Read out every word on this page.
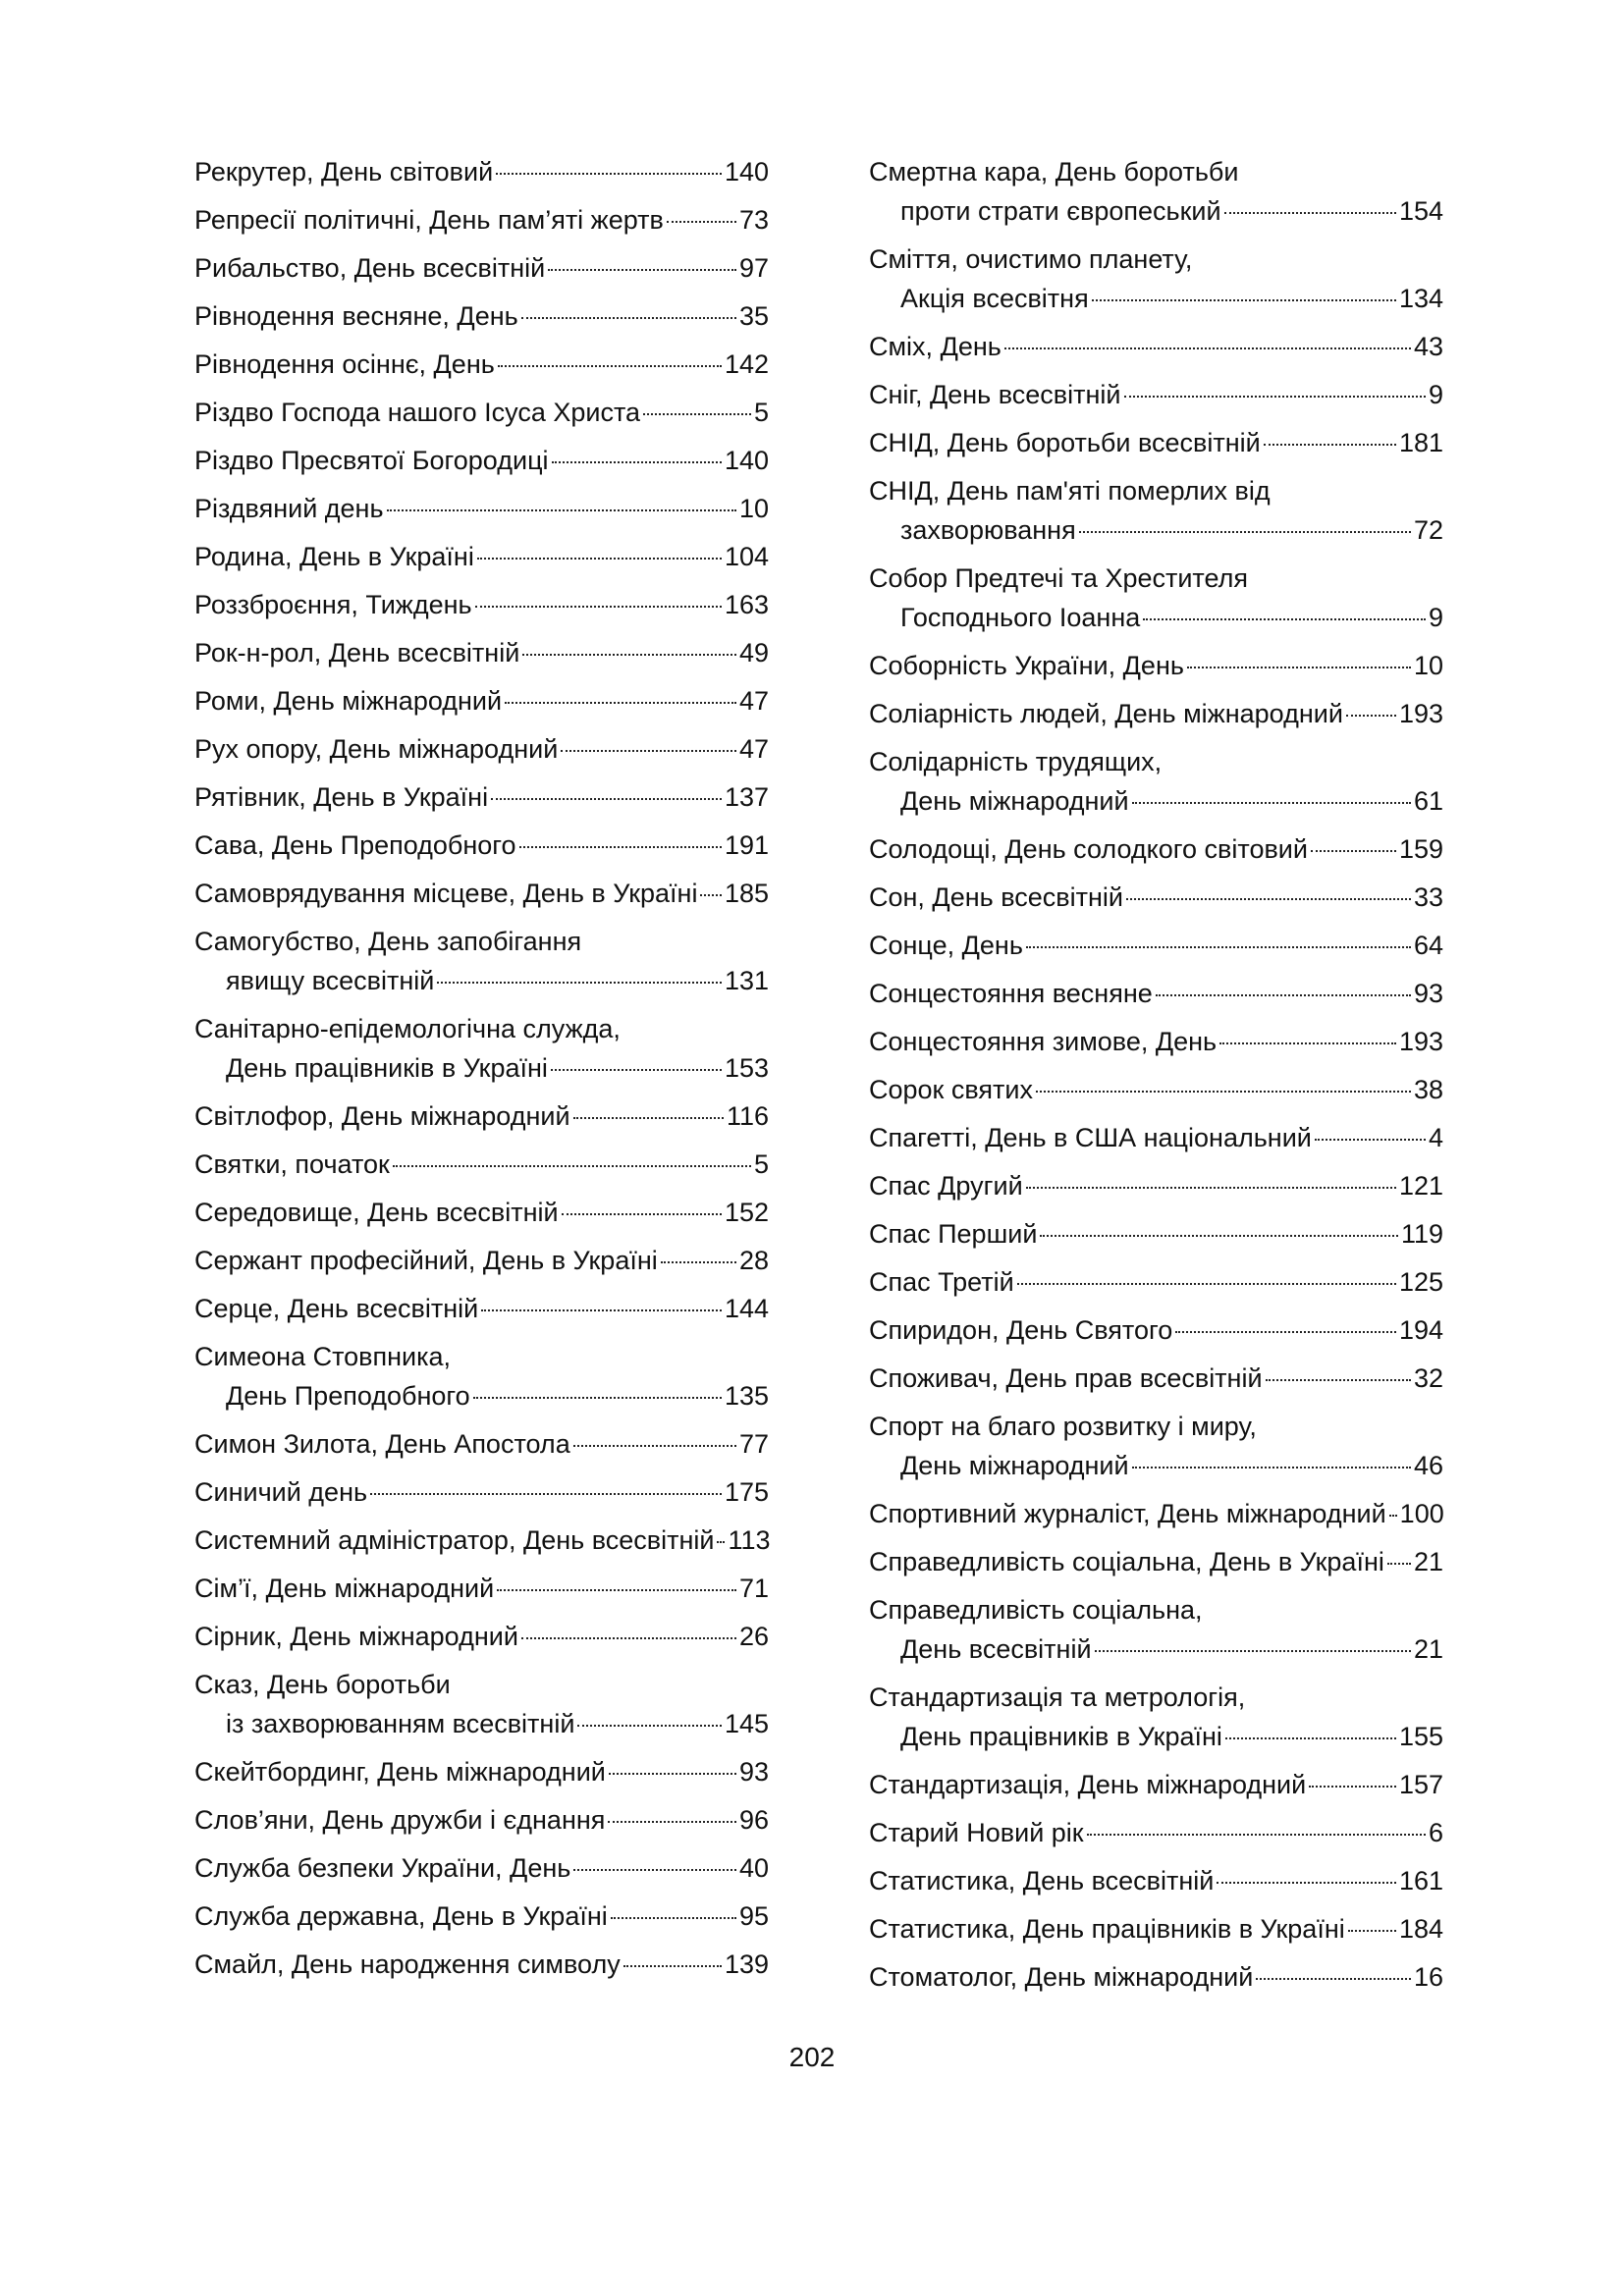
Рекрутер, День світовий	140
Репресії політичні, День пам’яті жертв	73
Рибальство, День всесвітній	97
Рівнодення весняне, День	35
Рівнодення осіннє, День	142
Різдво Господа нашого Ісуса Христа	5
Різдво Пресвятої Богородиці	140
Різдвяний день	10
Родина, День в Україні	104
Роззброєння, Тиждень	163
Рок-н-рол, День всесвітній	49
Роми, День міжнародний	47
Рух опору, День міжнародний	47
Рятівник, День в Україні	137
Сава, День Преподобного	191
Самоврядування місцеве, День в Україні 185
Самогубство, День запобігання
явищу всесвітній	131
Санітарно-епідемологічна служда,
День працівників в Україні	153
Світлофор, День міжнародний	116
Святки, початок	5
Середовище, День всесвітній	152
Сержант професійний, День в Україні	28
Серце, День всесвітній	144
Симеона Стовпника,
День Преподобного	135
Симон Зилота, День Апостола	77
Синичий день	175
Системний адміністратор, День всесвітній 113
Сім’ї, День міжнародний	71
Сірник, День міжнародний	26
Сказ, День боротьби
із захворюванням всесвітній	145
Скейтбординг, День міжнародний	93
Слов’яни, День дружби і єднання	96
Служба безпеки України, День	40
Служба державна, День в Україні	95
Смайл, День народження символу	139
Смертна кара, День боротьби
проти страти європеський	154
Сміття, очистимо планету,
Акція всесвітня	134
Сміх, День	43
Сніг, День всесвітній	9
СНІД, День боротьби всесвітній	181
СНІД, День пам'яті померлих від
захворювання	72
Собор Предтечі та Хрестителя
Господнього Іоанна	9
Соборність України, День	10
Соліарність людей, День міжнародний 193
Солідарність трудящих,
День міжнародний	61
Солодощі, День солодкого світовий	159
Сон, День всесвітній	33
Сонце, День	64
Сонцестояння весняне	93
Сонцестояння зимове, День	193
Сорок святих	38
Спагетті, День в США національний	4
Спас Другий	121
Спас Перший	119
Спас Третій	125
Спиридон, День Святого	194
Споживач, День прав всесвітній	32
Спорт на благо розвитку і миру,
День міжнародний	46
Спортивний журналіст, День міжнародний 100
Справедливість соціальна, День в Україні 21
Справедливість соціальна,
День всесвітній	21
Стандартизація та метрологія,
День працівників в Україні	155
Стандартизація, День міжнародний	157
Старий Новий рік	6
Статистика, День всесвітній	161
Статистика, День працівників в Україні 184
Стоматолог, День міжнародний	16
202
